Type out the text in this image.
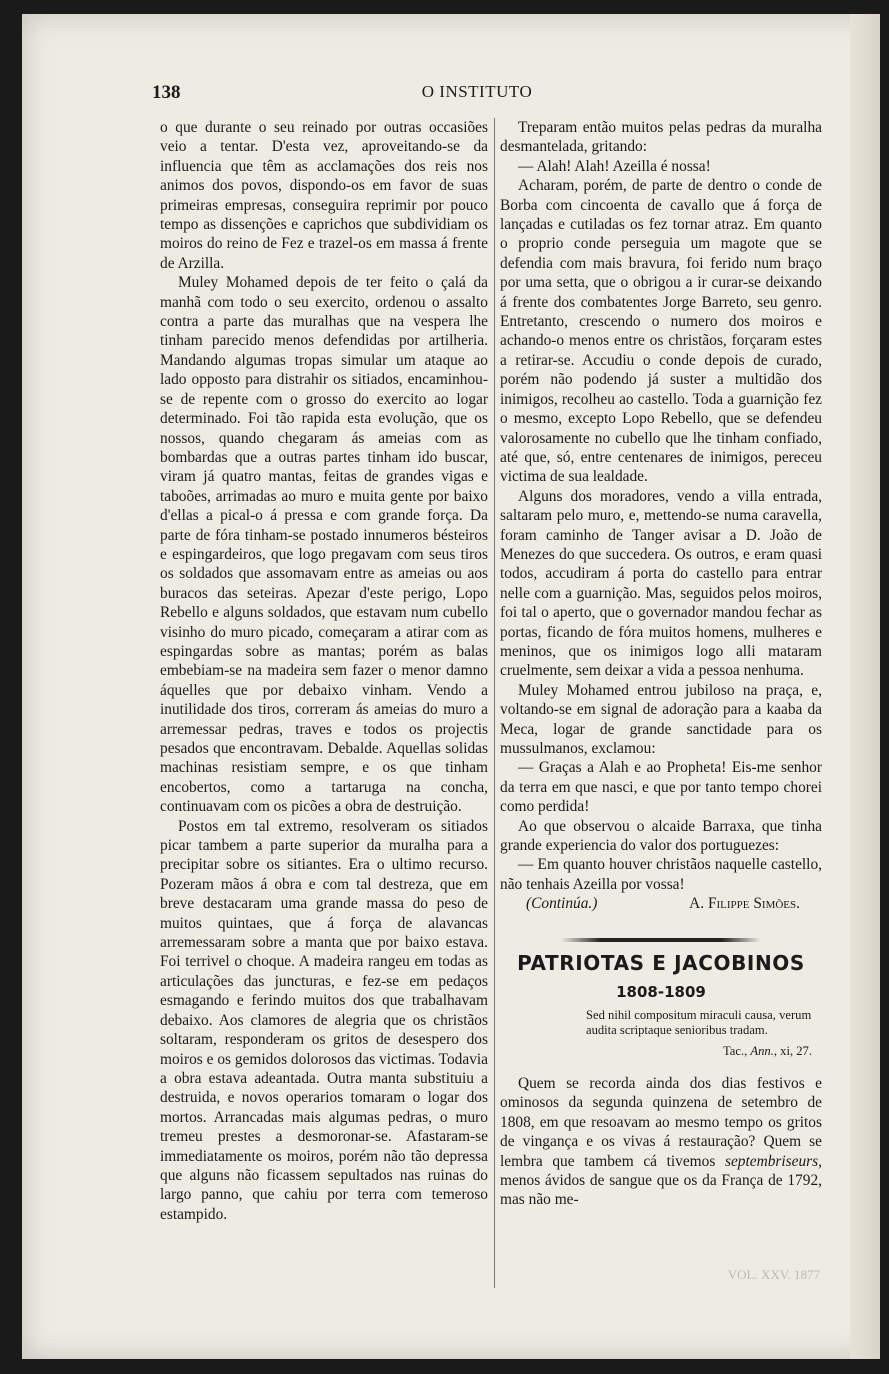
138	O INSTITUTO

o que durante o seu reinado por outras occasiões veio a tentar. D'esta vez, aproveitando-se da influencia que têm as acclamações dos reis nos animos dos povos, dispondo-os em favor de suas primeiras empresas, conseguira reprimir por pouco tempo as dissenções e caprichos que subdividiam os moiros do reino de Fez e trazel-os em massa á frente de Arzilla.

Muley Mohamed depois de ter feito o çalá da manhã com todo o seu exercito, ordenou o assalto contra a parte das muralhas que na vespera lhe tinham parecido menos defendidas por artilheria. Mandando algumas tropas simular um ataque ao lado opposto para distrahir os sitiados, encaminhou-se de repente com o grosso do exercito ao logar determinado. Foi tão rapida esta evolução, que os nossos, quando chegaram ás ameias com as bombardas que a outras partes tinham ido buscar, viram já quatro mantas, feitas de grandes vigas e taboões, arrimadas ao muro e muita gente por baixo d'ellas a pical-o á pressa e com grande força. Da parte de fóra tinham-se postado innumeros bésteiros e espingardeiros, que logo pregavam com seus tiros os soldados que assomavam entre as ameias ou aos buracos das seteiras. Apezar d'este perigo, Lopo Rebello e alguns soldados, que estavam num cubello visinho do muro picado, começaram a atirar com as espingardas sobre as mantas; porém as balas embebiam-se na madeira sem fazer o menor damno áquelles que por debaixo vinham. Vendo a inutilidade dos tiros, correram ás ameias do muro a arremessar pedras, traves e todos os projectis pesados que encontravam. Debalde. Aquellas solidas machinas resistiam sempre, e os que tinham encobertos, como a tartaruga na concha, continuavam com os picões a obra de destruição.

Postos em tal extremo, resolveram os sitiados picar tambem a parte superior da muralha para a precipitar sobre os sitiantes. Era o ultimo recurso. Pozeram mãos á obra e com tal destreza, que em breve destacaram uma grande massa do peso de muitos quintaes, que á força de alavancas arremessaram sobre a manta que por baixo estava. Foi terrivel o choque. A madeira rangeu em todas as articulações das juncturas, e fez-se em pedaços esmagando e ferindo muitos dos que trabalhavam debaixo. Aos clamores de alegria que os christãos soltaram, responderam os gritos de desespero dos moiros e os gemidos dolorosos das victimas. Todavia a obra estava adeantada. Outra manta substituiu a destruida, e novos operarios tomaram o logar dos mortos. Arrancadas mais algumas pedras, o muro tremeu prestes a desmoronar-se. Afastaram-se immediatamente os moiros, porém não tão depressa que alguns não ficassem sepultados nas ruinas do largo panno, que cahiu por terra com temeroso estampido.

Treparam então muitos pelas pedras da muralha desmantelada, gritando:

— Alah! Alah! Azeilla é nossa!

Acharam, porém, de parte de dentro o conde de Borba com cincoenta de cavallo que á força de lançadas e cutiladas os fez tornar atraz. Em quanto o proprio conde perseguia um magote que se defendia com mais bravura, foi ferido num braço por uma setta, que o obrigou a ir curar-se deixando á frente dos combatentes Jorge Barreto, seu genro. Entretanto, crescendo o numero dos moiros e achando-o menos entre os christãos, forçaram estes a retirar-se. Accudiu o conde depois de curado, porém não podendo já suster a multidão dos inimigos, recolheu ao castello. Toda a guarnição fez o mesmo, excepto Lopo Rebello, que se defendeu valorosamente no cubello que lhe tinham confiado, até que, só, entre centenares de inimigos, pereceu victima de sua lealdade.

Alguns dos moradores, vendo a villa entrada, saltaram pelo muro, e, mettendo-se numa caravella, foram caminho de Tanger avisar a D. João de Menezes do que succedera. Os outros, e eram quasi todos, accudiram á porta do castello para entrar nelle com a guarnição. Mas, seguidos pelos moiros, foi tal o aperto, que o governador mandou fechar as portas, ficando de fóra muitos homens, mulheres e meninos, que os inimigos logo alli mataram cruelmente, sem deixar a vida a pessoa nenhuma.

Muley Mohamed entrou jubiloso na praça, e, voltando-se em signal de adoração para a kaaba da Meca, logar de grande sanctidade para os mussulmanos, exclamou:

— Graças a Alah e ao Propheta! Eis-me senhor da terra em que nasci, e que por tanto tempo chorei como perdida!

Ao que observou o alcaide Barraxa, que tinha grande experiencia do valor dos portuguezes:

— Em quanto houver christãos naquelle castello, não tenhais Azeilla por vossa!

(Continúa.)	A. Filippe Simões.

PATRIOTAS E JACOBINOS
1808-1809
Sed nihil compositum miraculi causa, verum audita scriptaque senioribus tradam.
Tac., Ann., xi, 27.

Quem se recorda ainda dos dias festivos e ominosos da segunda quinzena de setembro de 1808, em que resoavam ao mesmo tempo os gritos de vingança e os vivas á restauração? Quem se lembra que tambem cá tivemos septembriseurs, menos ávidos de sangue que os da França de 1792, mas não me-

VOL. XXV. 1877
